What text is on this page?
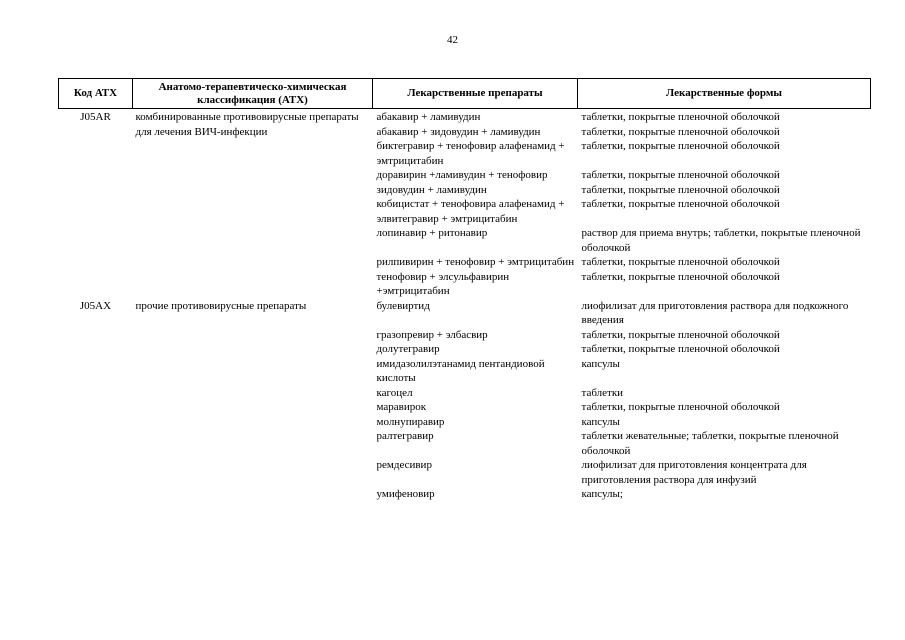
42
Код АТХ	Анатомо-терапевтическо-химическая классификация (АТХ)	Лекарственные препараты	Лекарственные формы
J05AR	комбинированные противовирусные препараты для лечения ВИЧ-инфекции	абакавир + ламивудин	таблетки, покрытые пленочной оболочкой
		абакавир + зидовудин + ламивудин	таблетки, покрытые пленочной оболочкой
		биктегравир + тенофовир алафенамид + эмтрицитабин	таблетки, покрытые пленочной оболочкой
		доравирин +ламивудин + тенофовир	таблетки, покрытые пленочной оболочкой
		зидовудин + ламивудин	таблетки, покрытые пленочной оболочкой
		кобицистат + тенофовира алафенамид + элвитегравир + эмтрицитабин	таблетки, покрытые пленочной оболочкой
		лопинавир + ритонавир	раствор для приема внутрь; таблетки, покрытые пленочной оболочкой
		рилпивирин + тенофовир + эмтрицитабин	таблетки, покрытые пленочной оболочкой
		тенофовир + элсульфавирин +эмтрицитабин	таблетки, покрытые пленочной оболочкой
J05AX	прочие противовирусные препараты	булевиртид	лиофилизат для приготовления раствора для подкожного введения
		гразопревир + элбасвир	таблетки, покрытые пленочной оболочкой
		долутегравир	таблетки, покрытые пленочной оболочкой
		имидазолилэтанамид пентандиовой кислоты	капсулы
		кагоцел	таблетки
		маравирок	таблетки, покрытые пленочной оболочкой
		молнупиравир	капсулы
		ралтегравир	таблетки жевательные; таблетки, покрытые пленочной оболочкой
		ремдесивир	лиофилизат для приготовления концентрата для приготовления раствора для инфузий
		умифеновир	капсулы;
